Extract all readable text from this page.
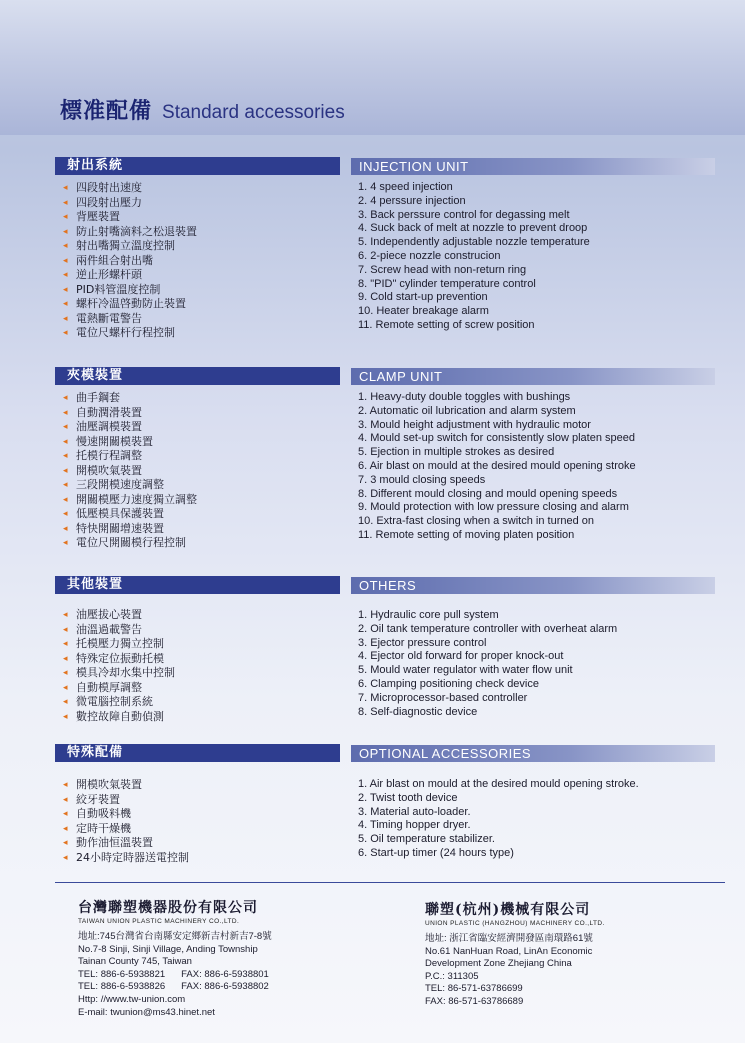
標准配備 Standard accessories
射出系統	INJECTION UNIT
◂ 四段射出速度
◂ 四段射出壓力
◂ 背壓裝置
◂ 防止射嘴滴料之松退裝置
◂ 射出嘴獨立溫度控制
◂ 兩件組合射出嘴
◂ 逆止形螺杆頭
◂ PID料管溫度控制
◂ 螺杆冷温啓動防止裝置
◂ 電熱斷電警告
◂ 電位尺螺杆行程控制
1. 4 speed injection
2. 4 perssure injection
3. Back perssure control for degassing melt
4. Suck back of melt at nozzle to prevent droop
5. Independently adjustable nozzle temperature
6. 2-piece nozzle construcion
7. Screw head with non-return ring
8. "PID" cylinder temperature control
9. Cold start-up prevention
10. Heater breakage alarm
11. Remote setting of screw position
夾模裝置	CLAMP UNIT
◂ 曲手鋼套
◂ 自動潤滑裝置
◂ 油壓調模裝置
◂ 慢速開關模裝置
◂ 托模行程調整
◂ 開模吹氣裝置
◂ 三段開模速度調整
◂ 開關模壓力速度獨立調整
◂ 低壓模具保護裝置
◂ 特快開關增速裝置
◂ 電位尺開關模行程控制
1. Heavy-duty double toggles with bushings
2. Automatic oil lubrication and alarm system
3. Mould height adjustment with hydraulic motor
4. Mould set-up switch for consistently slow platen speed
5. Ejection in multiple strokes as desired
6. Air blast on mould at the desired mould opening stroke
7. 3 mould closing speeds
8. Different mould closing and mould opening speeds
9. Mould protection with low pressure closing and alarm
10. Extra-fast closing when a switch in turned on
11. Remote setting of moving platen position
其他裝置	OTHERS
◂ 油壓拔心裝置
◂ 油溫過載警告
◂ 托模壓力獨立控制
◂ 特殊定位振動托模
◂ 模具冷却水集中控制
◂ 自動模厚調整
◂ 微電腦控制系統
◂ 數控故障自動偵測
1. Hydraulic core pull system
2. Oil tank temperature controller with overheat alarm
3. Ejector pressure control
4. Ejector old forward for proper knock-out
5. Mould water regulator with water flow unit
6. Clamping positioning check device
7. Microprocessor-based controller
8. Self-diagnostic device
特殊配備	OPTIONAL ACCESSORIES
◂ 開模吹氣裝置
◂ 絞牙裝置
◂ 自動吸料機
◂ 定時干燥機
◂ 動作油恒溫裝置
◂ 24小時定時器送電控制
1. Air blast on mould at the desired mould opening stroke.
2. Twist tooth device
3. Material auto-loader.
4. Timing hopper dryer.
5. Oil temperature stabilizer.
6. Start-up timer (24 hours type)
台灣聯塑機器股份有限公司
TAIWAN UNION PLASTIC MACHINERY CO.,LTD.
地址:745台灣省台南縣安定鄉新吉村新吉7-8號
No.7-8 Sinji, Sinji Village, Anding Township
Tainan County 745, Taiwan
TEL: 886-6-5938821 FAX: 886-6-5938801
TEL: 886-6-5938826 FAX: 886-6-5938802
Http: //www.tw-union.com
E-mail: twunion@ms43.hinet.net
聯塑(杭州)機械有限公司
UNION PLASTIC (HANGZHOU) MACHINERY CO.,LTD.
地址: 浙江省臨安經濟開發區南環路61號
No.61 NanHuan Road, LinAn Economic
Development Zone Zhejiang China
P.C.: 311305
TEL: 86-571-63786699
FAX: 86-571-63786689
